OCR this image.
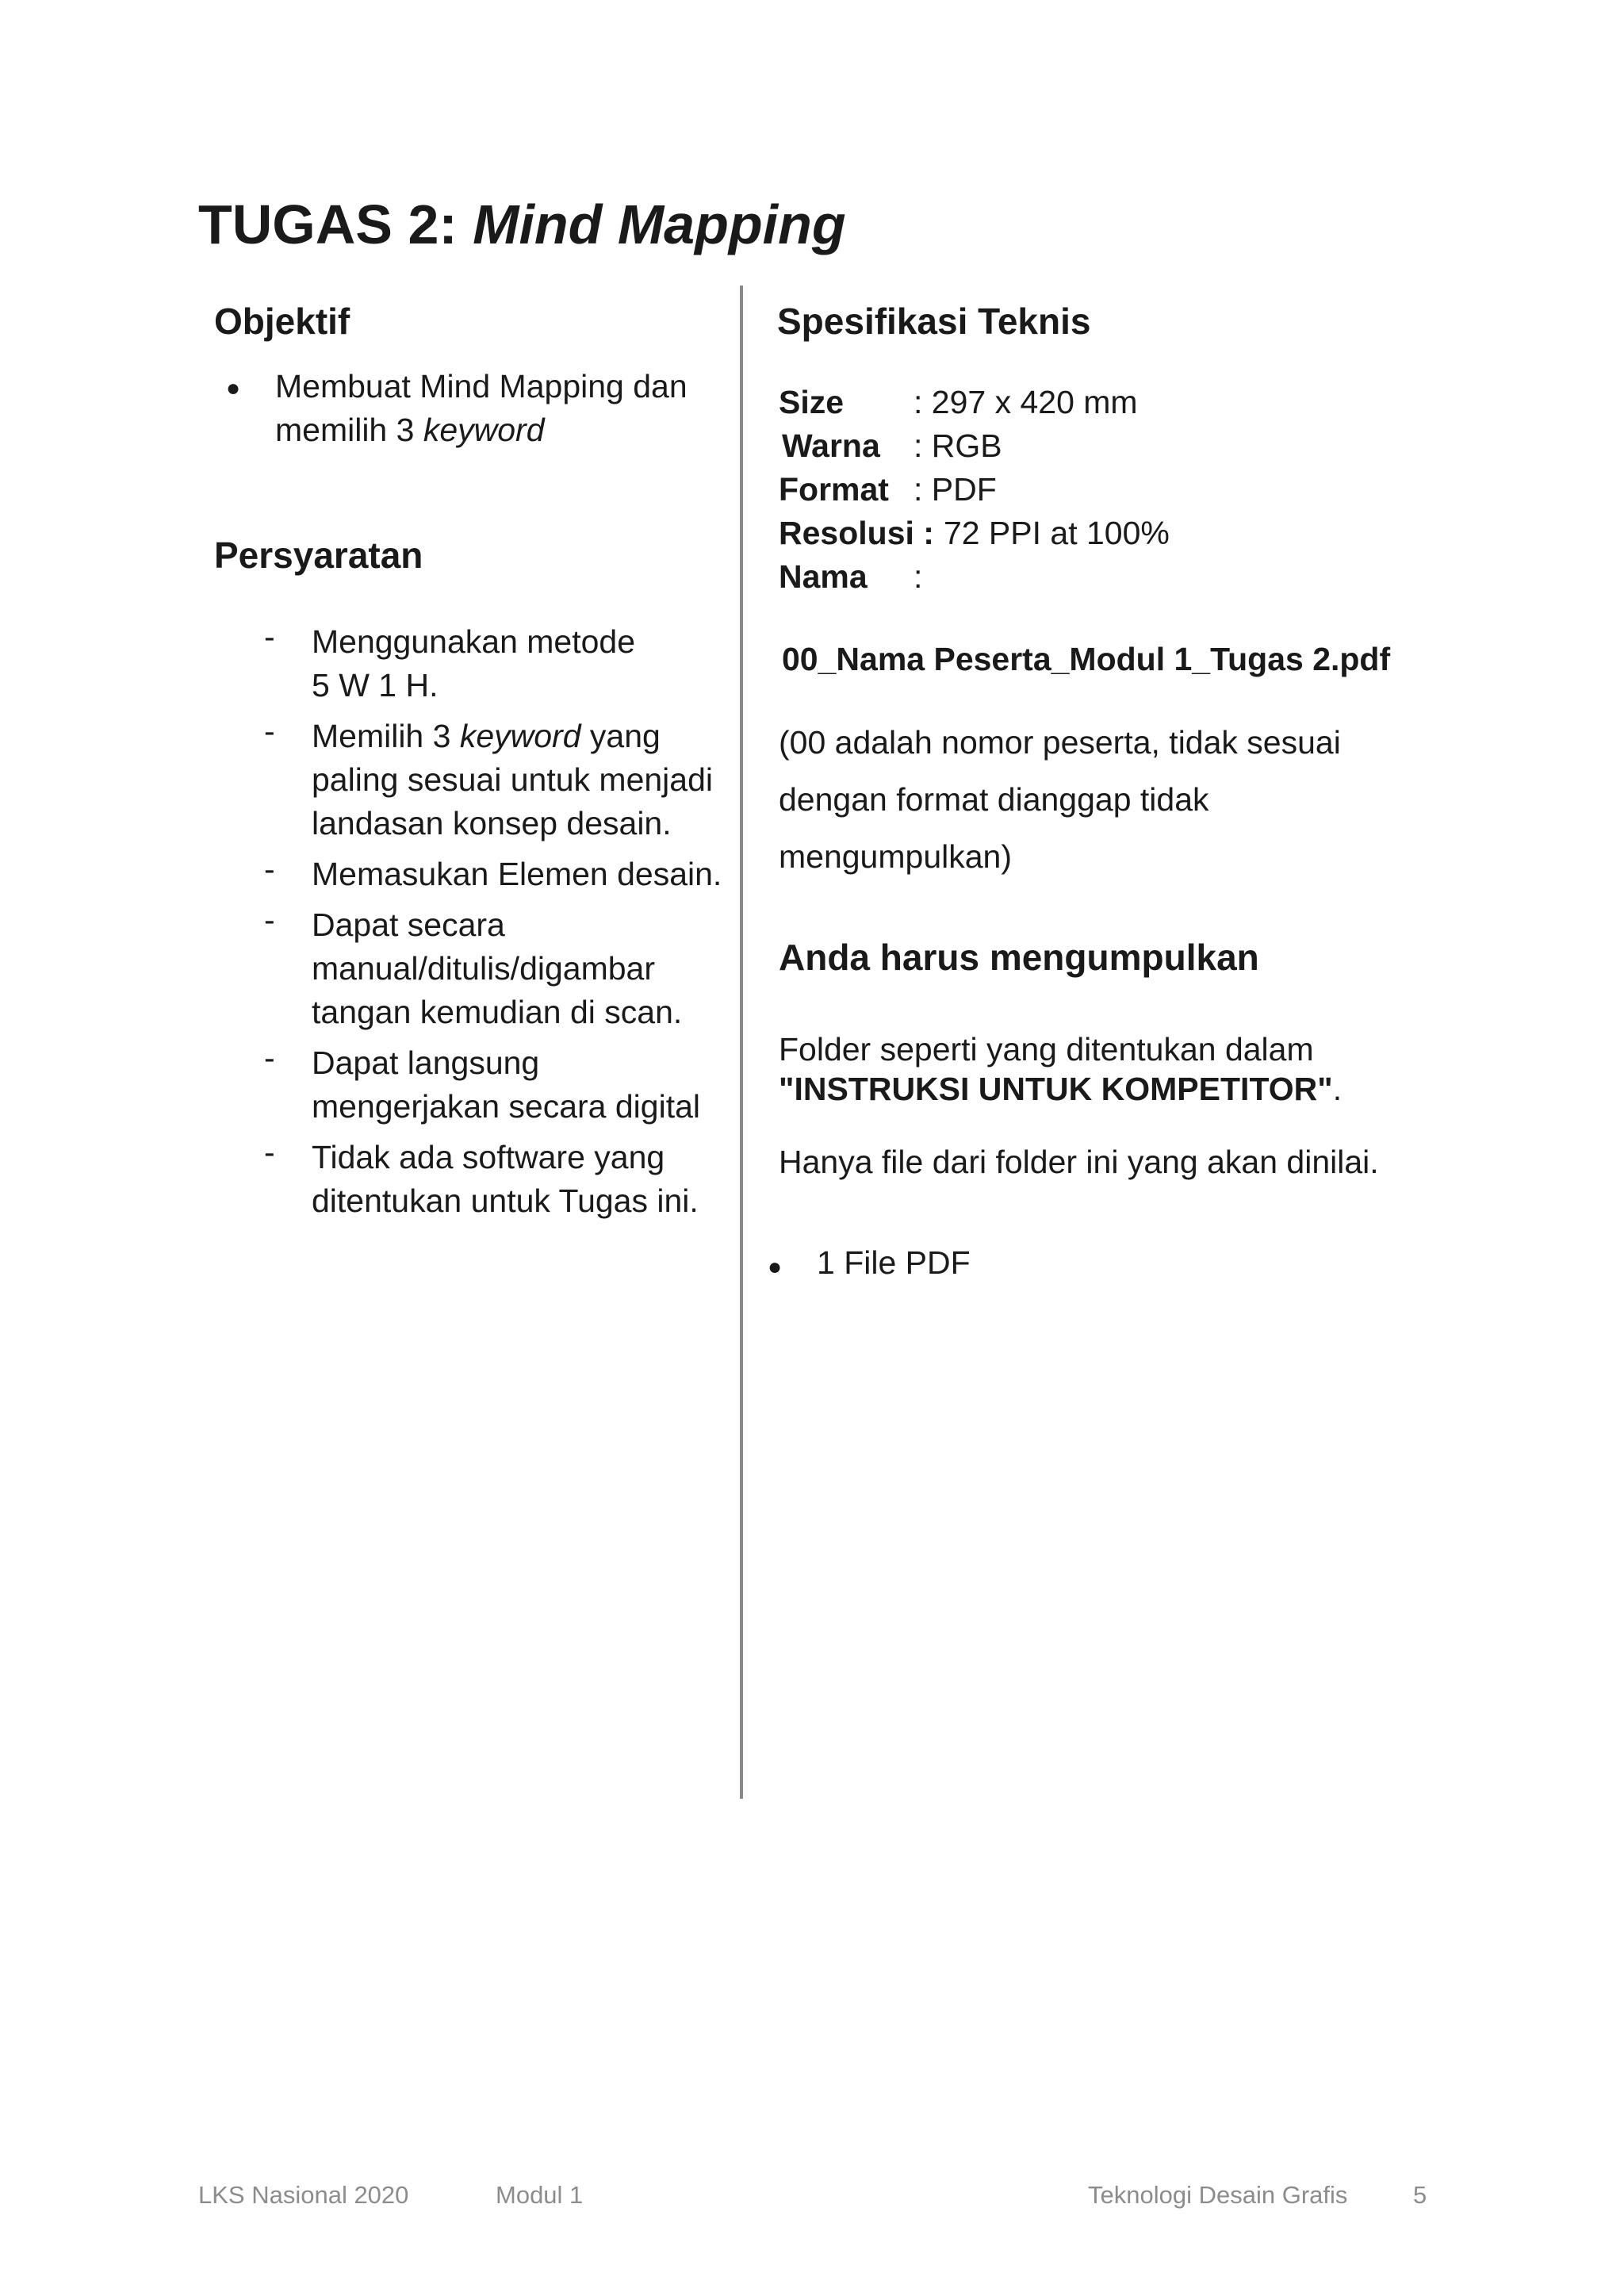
TUGAS 2: Mind Mapping
Objektif
● Membuat Mind Mapping dan memilih 3 keyword
Persyaratan
- Menggunakan metode
5 W 1 H.
- Memilih 3 keyword yang paling sesuai untuk menjadi landasan konsep desain.
- Memasukan Elemen desain.
- Dapat secara manual/ditulis/digambar tangan kemudian di scan.
- Dapat langsung mengerjakan secara digital
- Tidak ada software yang ditentukan untuk Tugas ini.
Spesifikasi Teknis
Size	: 297 x 420 mm
Warna	: RGB
Format : PDF
Resolusi : 72 PPI at 100%
Nama	:
00_Nama Peserta_Modul 1_Tugas 2.pdf
(00 adalah nomor peserta, tidak sesuai dengan format dianggap tidak mengumpulkan)
Anda harus mengumpulkan
Folder seperti yang ditentukan dalam
"INSTRUKSI UNTUK KOMPETITOR".
Hanya file dari folder ini yang akan dinilai.
● 1 File PDF
LKS Nasional 2020	Modul 1	Teknologi Desain Grafis	5
